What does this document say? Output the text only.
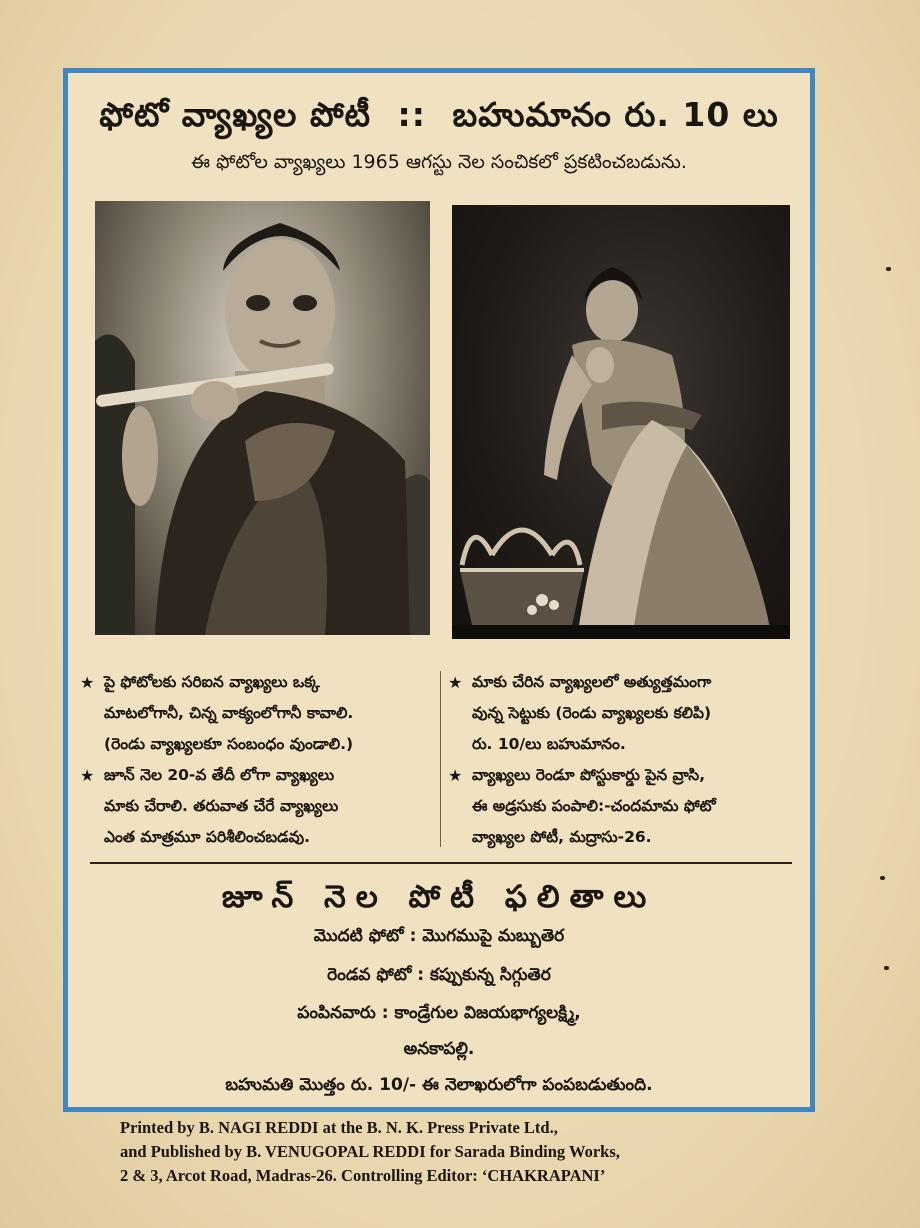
ఫోటో వ్యాఖ్యల పోటీ :: బహుమానం రు. 10 లు
ఈ ఫోటోల వ్యాఖ్యలు 1965 ఆగస్టు నెల సంచికలో ప్రకటించబడును.
★ పై ఫోటోలకు సరిఐన వ్యాఖ్యలు ఒక్క
మాటలోగానీ, చిన్న వాక్యంలోగానీ కావాలి.
(రెండు వ్యాఖ్యలకూ సంబంధం వుండాలి.)
★ జూన్ నెల 20-వ తేదీ లోగా వ్యాఖ్యలు
మాకు చేరాలి. తరువాత చేరే వ్యాఖ్యలు
ఎంత మాత్రమూ పరిశీలించబడవు.
★ మాకు చేరిన వ్యాఖ్యలలో అత్యుత్తమంగా
వున్న సెట్టుకు (రెండు వ్యాఖ్యలకు కలిపి)
రు. 10/లు బహుమానం.
★ వ్యాఖ్యలు రెండూ పోస్టుకార్డు పైన వ్రాసి,
ఈ అడ్రసుకు పంపాలి:-చందమామ ఫోటో
వ్యాఖ్యల పోటీ, మద్రాసు-26.
జూన్ నెల పోటీ ఫలితాలు
మొదటి ఫోటో : మొగముపై మబ్బుతెర
రెండవ ఫోటో : కప్పుకున్న సిగ్గుతెర
పంపినవారు : కాండ్రేగుల విజయభాగ్యలక్ష్మి,
అనకాపల్లి.
బహుమతి మొత్తం రు. 10/- ఈ నెలాఖరులోగా పంపబడుతుంది.
Printed by B. NAGI REDDI at the B. N. K. Press Private Ltd.,
and Published by B. VENUGOPAL REDDI for Sarada Binding Works,
2 & 3, Arcot Road, Madras-26. Controlling Editor: ‘CHAKRAPANI’
